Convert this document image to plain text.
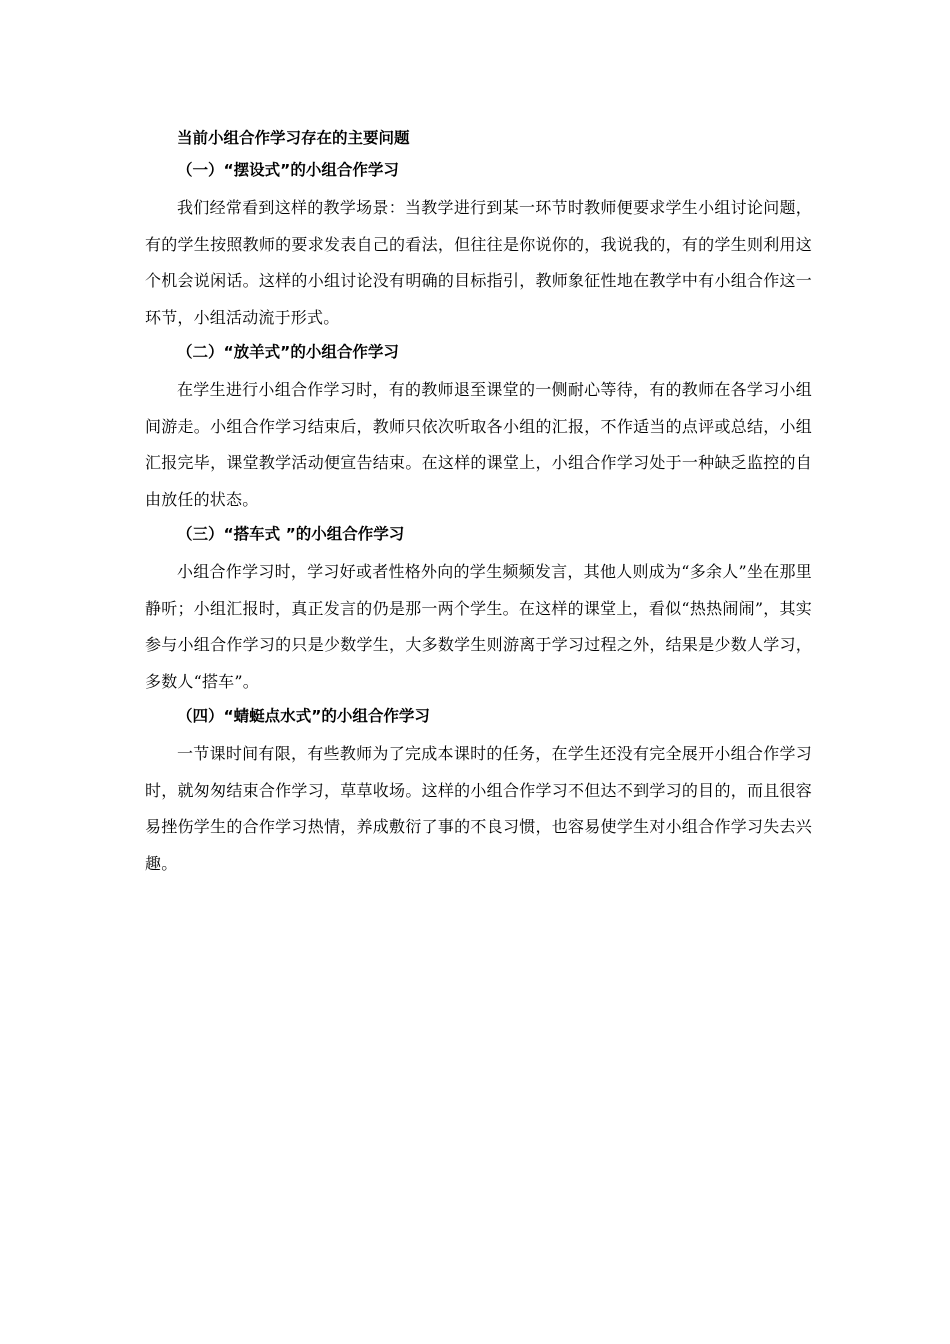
当前小组合作学习存在的主要问题
（一）“摆设式”的小组合作学习

我们经常看到这样的教学场景：当教学进行到某一环节时教师便要求学生小组讨论问题，有的学生按照教师的要求发表自己的看法，但往往是你说你的，我说我的，有的学生则利用这个机会说闲话。这样的小组讨论没有明确的目标指引，教师象征性地在教学中有小组合作这一环节，小组活动流于形式。

（二）“放羊式”的小组合作学习

在学生进行小组合作学习时，有的教师退至课堂的一侧耐心等待，有的教师在各学习小组间游走。小组合作学习结束后，教师只依次听取各小组的汇报，不作适当的点评或总结，小组汇报完毕，课堂教学活动便宣告结束。在这样的课堂上，小组合作学习处于一种缺乏监控的自由放任的状态。

（三）“搭车式 ”的小组合作学习

小组合作学习时，学习好或者性格外向的学生频频发言，其他人则成为“多余人”坐在那里静听；小组汇报时，真正发言的仍是那一两个学生。在这样的课堂上，看似“热热闹闹”，其实参与小组合作学习的只是少数学生，大多数学生则游离于学习过程之外，结果是少数人学习，多数人“搭车”。

（四）“蜻蜓点水式”的小组合作学习

一节课时间有限，有些教师为了完成本课时的任务，在学生还没有完全展开小组合作学习时，就匆匆结束合作学习，草草收场。这样的小组合作学习不但达不到学习的目的，而且很容易挫伤学生的合作学习热情，养成敷衍了事的不良习惯，也容易使学生对小组合作学习失去兴趣。
